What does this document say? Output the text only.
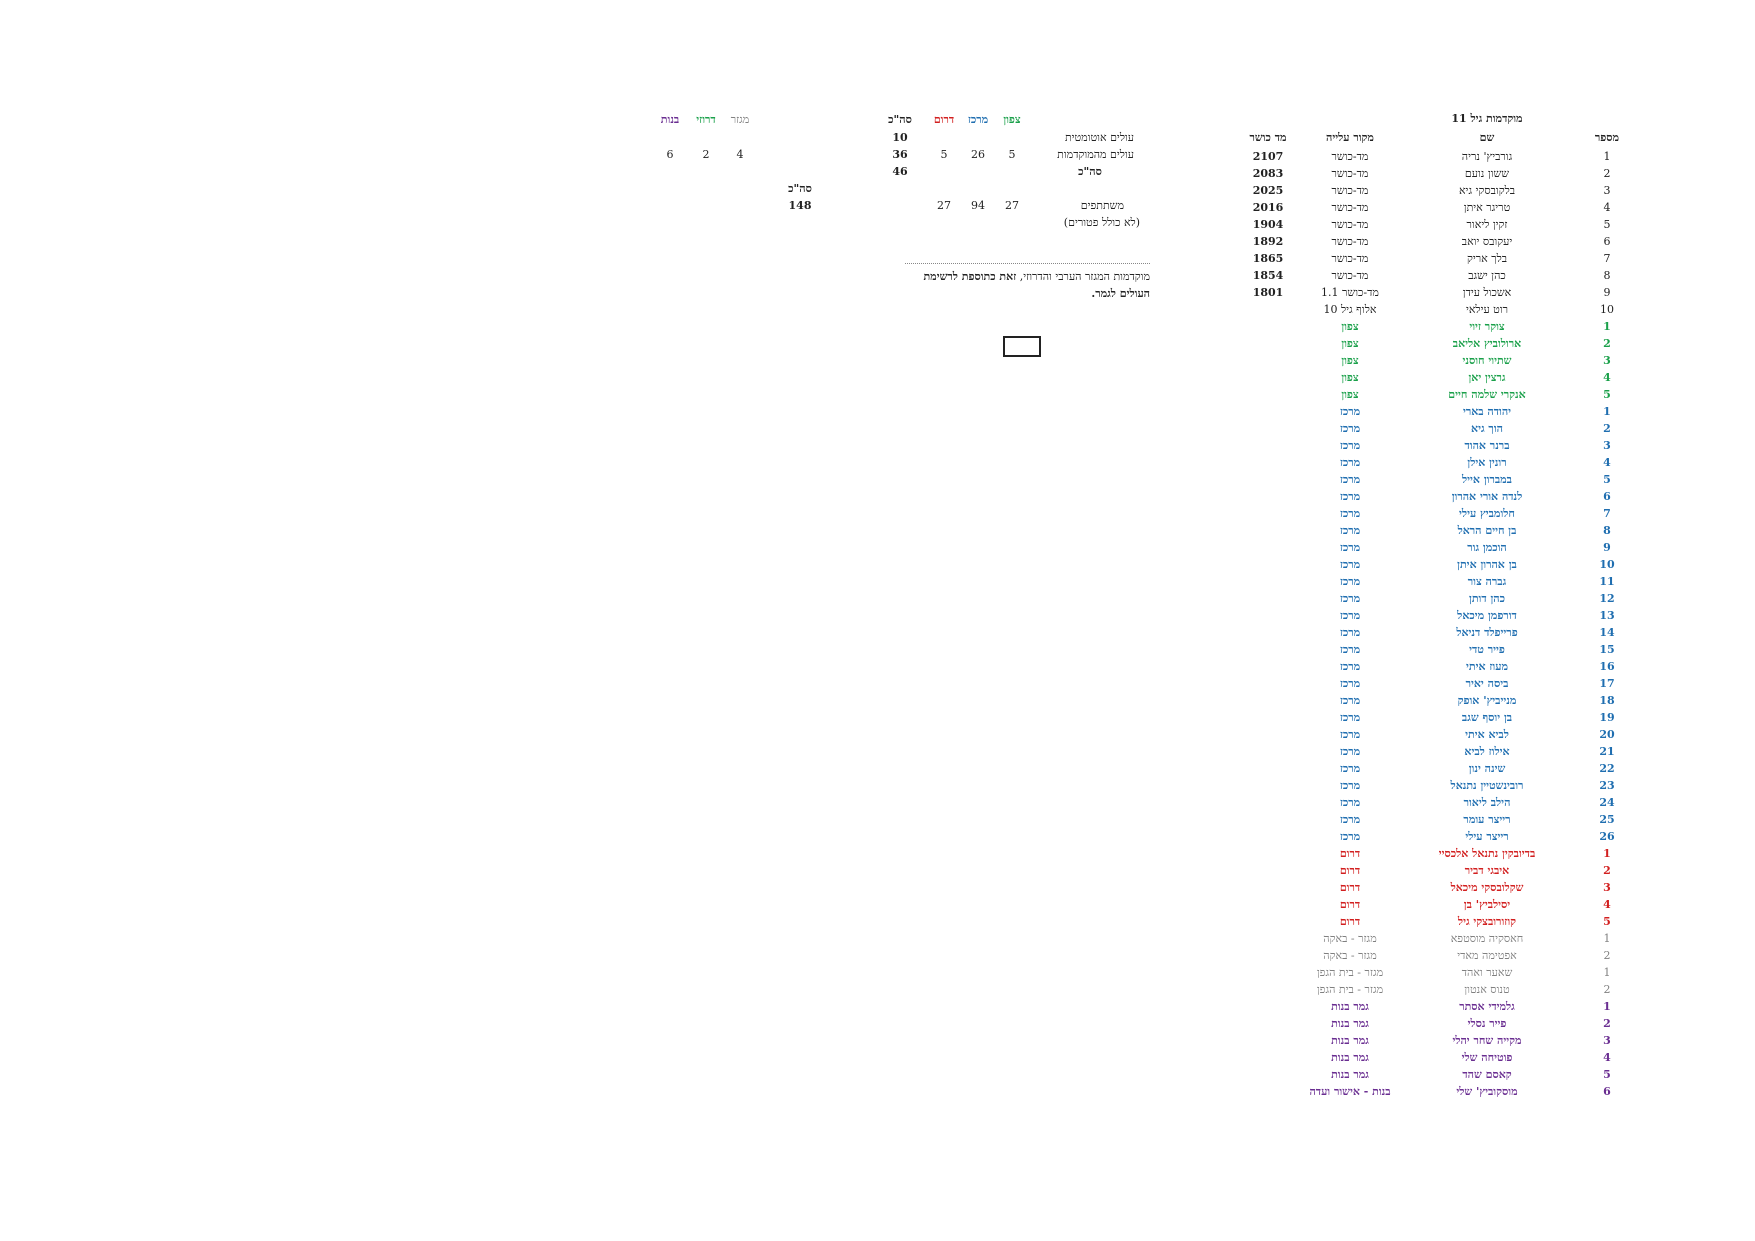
מוקדמות גיל 11
מספר
שם
מקור עלייה
מד כושר
1
גורביץ' נריה
מד-כושר
2107
2
ששון נועם
מד-כושר
2083
3
בלקובסקי גיא
מד-כושר
2025
4
טריגר איתן
מד-כושר
2016
5
זקין ליאור
מד-כושר
1904
6
יעקובס יואב
מד-כושר
1892
7
בלך אריק
מד-כושר
1865
8
כהן ישגב
מד-כושר
1854
9
אשכול עידן
מד-כושר 1.1
1801
10
רוט עילאי
אלוף גיל 10
1
צוקר זיוי
צפון
2
ארולוביץ אליאב
צפון
3
שתיוי חוסני
צפון
4
גרצין יאן
צפון
5
אנקרי שלמה חיים
צפון
1
יהודה בארי
מרכז
2
הוך גיא
מרכז
3
ברנר אהוד
מרכז
4
רונין אילן
מרכז
5
במברון אייל
מרכז
6
לנדה אורי אהרון
מרכז
7
חלומביץ עילי
מרכז
8
בן חיים הראל
מרכז
9
הוכמן גור
מרכז
10
בן אהרון איתן
מרכז
11
גברה צור
מרכז
12
כהן דותן
מרכז
13
דורפמן מיכאל
מרכז
14
פרייפלד דניאל
מרכז
15
פייר טדי
מרכז
16
מעוז איתי
מרכז
17
ביסה יאיר
מרכז
18
מנייביץ' אופק
מרכז
19
בן יוסף שגב
מרכז
20
לביא איתי
מרכז
21
אילוז לביא
מרכז
22
שינה ינון
מרכז
23
רובינשטיין נתנאל
מרכז
24
הילב ליאור
מרכז
25
רייצר עומר
מרכז
26
רייצר עילי
מרכז
1
בדיובקין נתנאל אלכסיי
דרום
2
איבגי דביר
דרום
3
שקלובסקי מיכאל
דרום
4
יסילביץ' בן
דרום
5
קוזורובצקי גיל
דרום
1
חאסקיה מוסטפא
מגזר - באקה
2
אפטימה מאדי
מגזר - באקה
1
שאער ואהד
מגזר - בית הגפן
2
טנוס אנטון
מגזר - בית הגפן
1
גלמידי אסתר
גמר בנות
2
פייר נסלי
גמר בנות
3
מקייה שחר יהלי
גמר בנות
4
פוטיחה שלי
גמר בנות
5
קאסם שהד
גמר בנות
6
מוסקוביץ' שלי
בנות - אישור ועדה
צפון
מרכז
דרום
סה"כ
עולים אוטומטית
10
עולים מהמוקדמות
5
26
5
36
סה"כ
46
סה"כ
משתתפים
27
94
27
148
(לא כולל פטורים)
מוקדמות המגזר הערבי והדרוזי, זאת כתוספת לרשימת
העולים לגמר.
מגזר
דרוזי
בנות
4
2
6
